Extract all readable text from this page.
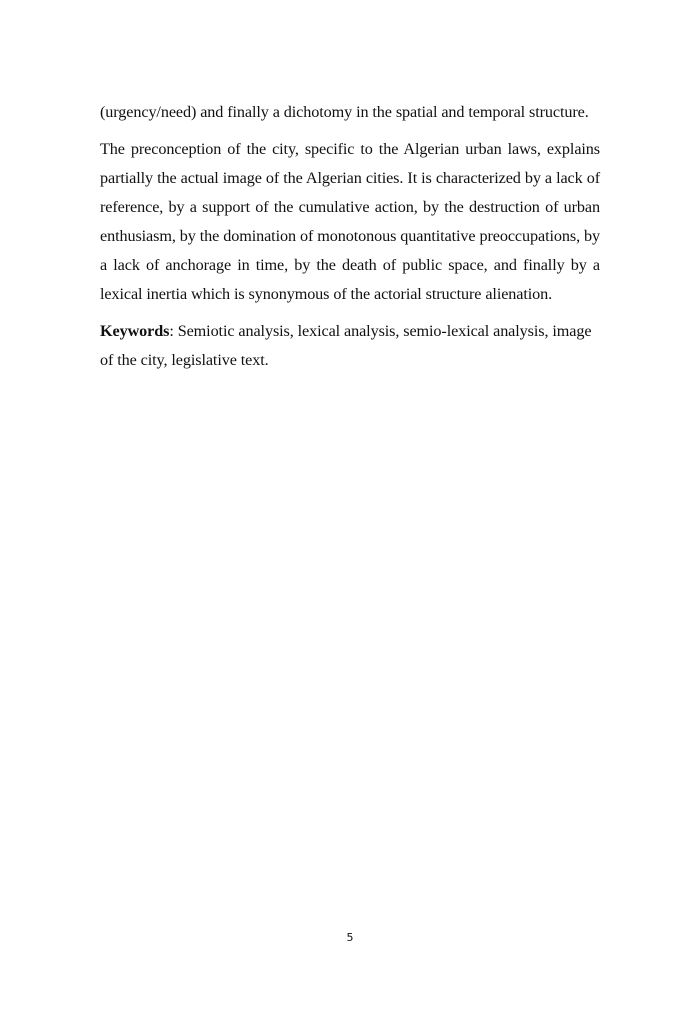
(urgency/need) and finally a dichotomy in the spatial and temporal structure.

The preconception of the city, specific to the Algerian urban laws, explains partially the actual image of the Algerian cities. It is characterized by a lack of reference, by a support of the cumulative action, by the destruction of urban enthusiasm, by the domination of monotonous quantitative preoccupations, by a lack of anchorage in time, by the death of public space, and finally by a lexical inertia which is synonymous of the actorial structure alienation.

Keywords: Semiotic analysis, lexical analysis, semio-lexical analysis, image of the city, legislative text.

5
